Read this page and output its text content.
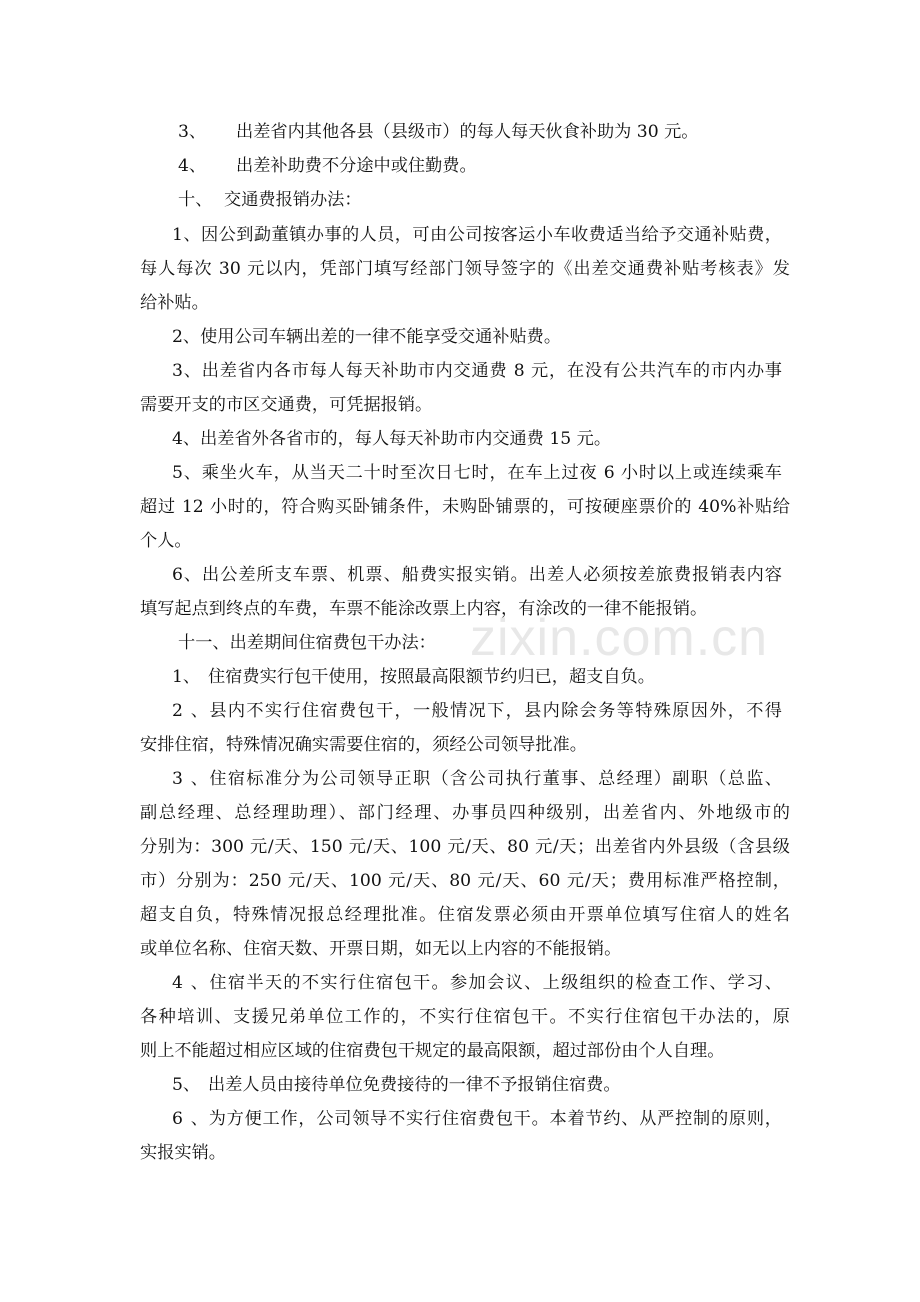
zixin.com.cn
3、 出差省内其他各县（县级市）的每人每天伙食补助为 30 元。
4、 出差补助费不分途中或住勤费。
十、 交通费报销办法：
1、因公到勐董镇办事的人员，可由公司按客运小车收费适当给予交通补贴费，
每人每次 30 元以内，凭部门填写经部门领导签字的《出差交通费补贴考核表》发
给补贴。
2、使用公司车辆出差的一律不能享受交通补贴费。
3、出差省内各市每人每天补助市内交通费 8 元，在没有公共汽车的市内办事
需要开支的市区交通费，可凭据报销。
4、出差省外各省市的，每人每天补助市内交通费 15 元。
5、乘坐火车，从当天二十时至次日七时，在车上过夜 6 小时以上或连续乘车
超过 12 小时的，符合购买卧铺条件，未购卧铺票的，可按硬座票价的 40%补贴给
个人。
6、出公差所支车票、机票、船费实报实销。出差人必须按差旅费报销表内容
填写起点到终点的车费，车票不能涂改票上内容，有涂改的一律不能报销。
十一、出差期间住宿费包干办法：
1、 住宿费实行包干使用，按照最高限额节约归已，超支自负。
2、县内不实行住宿费包干，一般情况下，县内除会务等特殊原因外，不得
安排住宿，特殊情况确实需要住宿的，须经公司领导批准。
3、住宿标准分为公司领导正职（含公司执行董事、总经理）副职（总监、
副总经理、总经理助理）、部门经理、办事员四种级别，出差省内、外地级市的
分别为：300 元/天、150 元/天、100 元/天、80 元/天；出差省内外县级（含县级
市）分别为：250 元/天、100 元/天、80 元/天、60 元/天；费用标准严格控制，
超支自负，特殊情况报总经理批准。住宿发票必须由开票单位填写住宿人的姓名
或单位名称、住宿天数、开票日期，如无以上内容的不能报销。
4、住宿半天的不实行住宿包干。参加会议、上级组织的检查工作、学习、
各种培训、支援兄弟单位工作的，不实行住宿包干。不实行住宿包干办法的，原
则上不能超过相应区域的住宿费包干规定的最高限额，超过部份由个人自理。
5、 出差人员由接待单位免费接待的一律不予报销住宿费。
6、为方便工作，公司领导不实行住宿费包干。本着节约、从严控制的原则，
实报实销。
